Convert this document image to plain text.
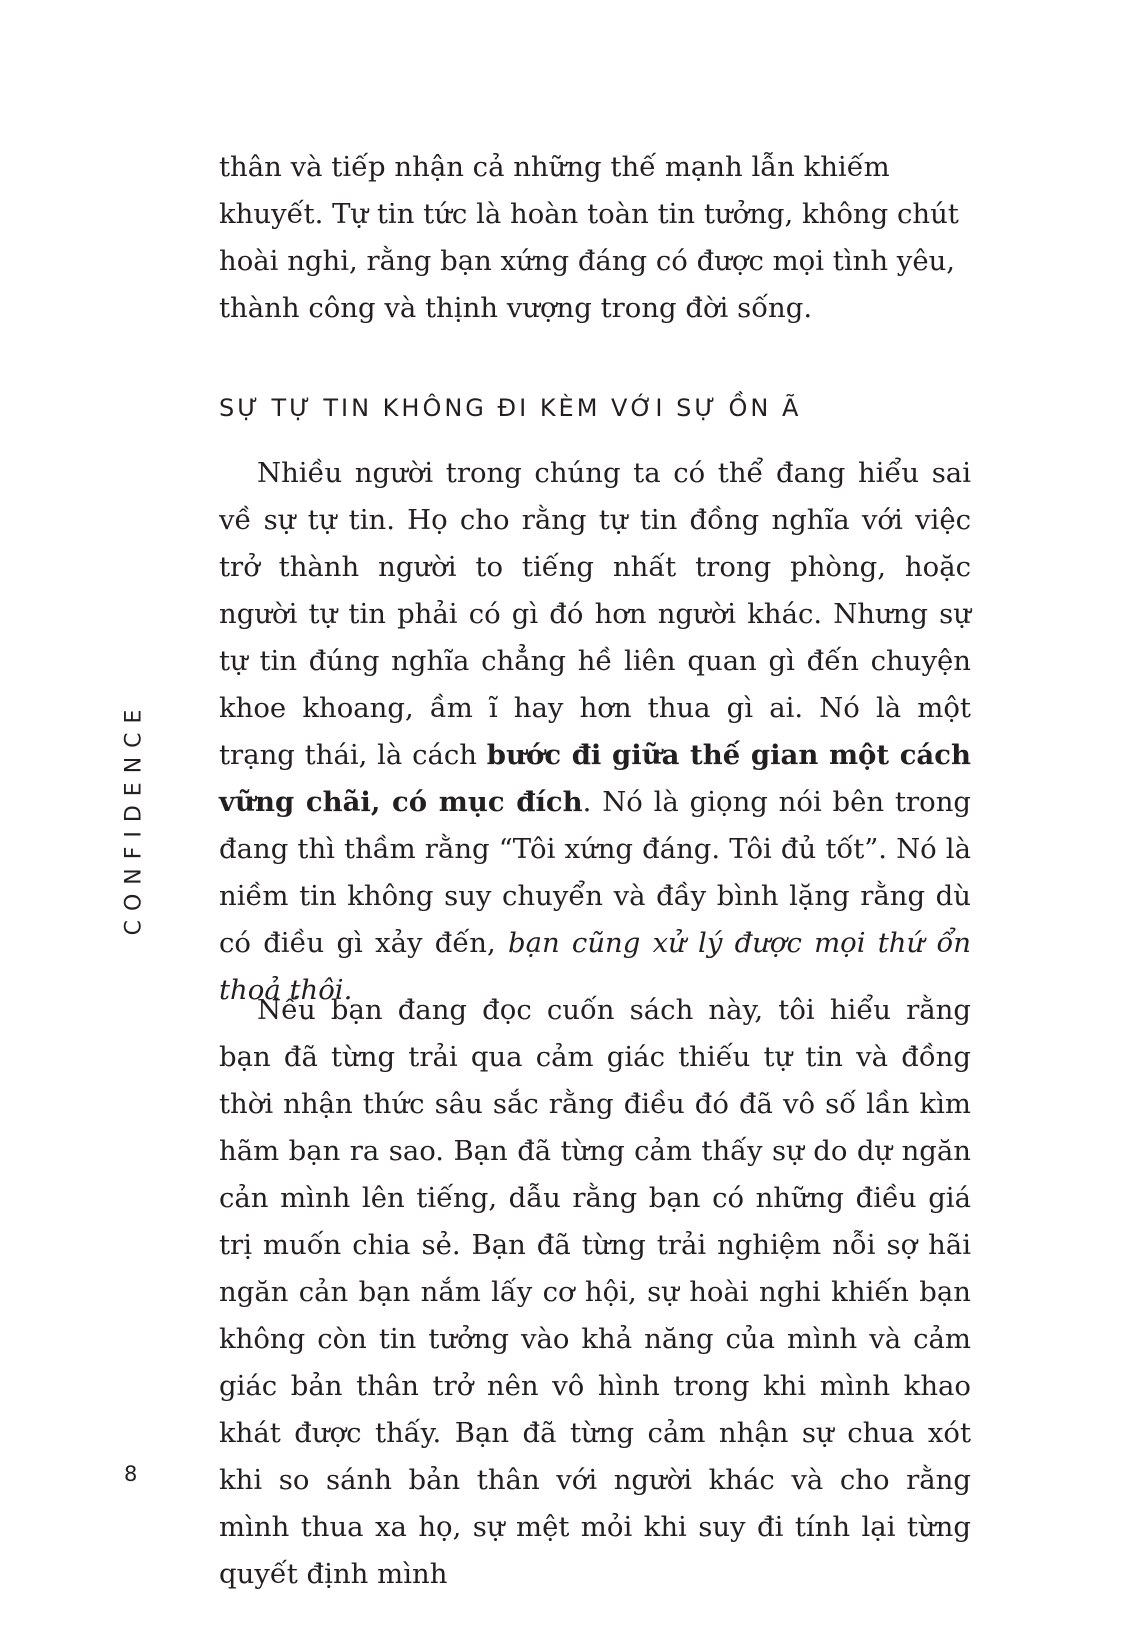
CONFIDENCE

thân và tiếp nhận cả những thế mạnh lẫn khiếm khuyết. Tự tin tức là hoàn toàn tin tưởng, không chút hoài nghi, rằng bạn xứng đáng có được mọi tình yêu, thành công và thịnh vượng trong đời sống.

SỰ TỰ TIN KHÔNG ĐI KÈM VỚI SỰ ỒN Ã

Nhiều người trong chúng ta có thể đang hiểu sai về sự tự tin. Họ cho rằng tự tin đồng nghĩa với việc trở thành người to tiếng nhất trong phòng, hoặc người tự tin phải có gì đó hơn người khác. Nhưng sự tự tin đúng nghĩa chẳng hề liên quan gì đến chuyện khoe khoang, ầm ĩ hay hơn thua gì ai. Nó là một trạng thái, là cách bước đi giữa thế gian một cách vững chãi, có mục đích. Nó là giọng nói bên trong đang thì thầm rằng “Tôi xứng đáng. Tôi đủ tốt”. Nó là niềm tin không suy chuyển và đầy bình lặng rằng dù có điều gì xảy đến, bạn cũng xử lý được mọi thứ ổn thoả thôi.

Nếu bạn đang đọc cuốn sách này, tôi hiểu rằng bạn đã từng trải qua cảm giác thiếu tự tin và đồng thời nhận thức sâu sắc rằng điều đó đã vô số lần kìm hãm bạn ra sao. Bạn đã từng cảm thấy sự do dự ngăn cản mình lên tiếng, dẫu rằng bạn có những điều giá trị muốn chia sẻ. Bạn đã từng trải nghiệm nỗi sợ hãi ngăn cản bạn nắm lấy cơ hội, sự hoài nghi khiến bạn không còn tin tưởng vào khả năng của mình và cảm giác bản thân trở nên vô hình trong khi mình khao khát được thấy. Bạn đã từng cảm nhận sự chua xót khi so sánh bản thân với người khác và cho rằng mình thua xa họ, sự mệt mỏi khi suy đi tính lại từng quyết định mình

8
